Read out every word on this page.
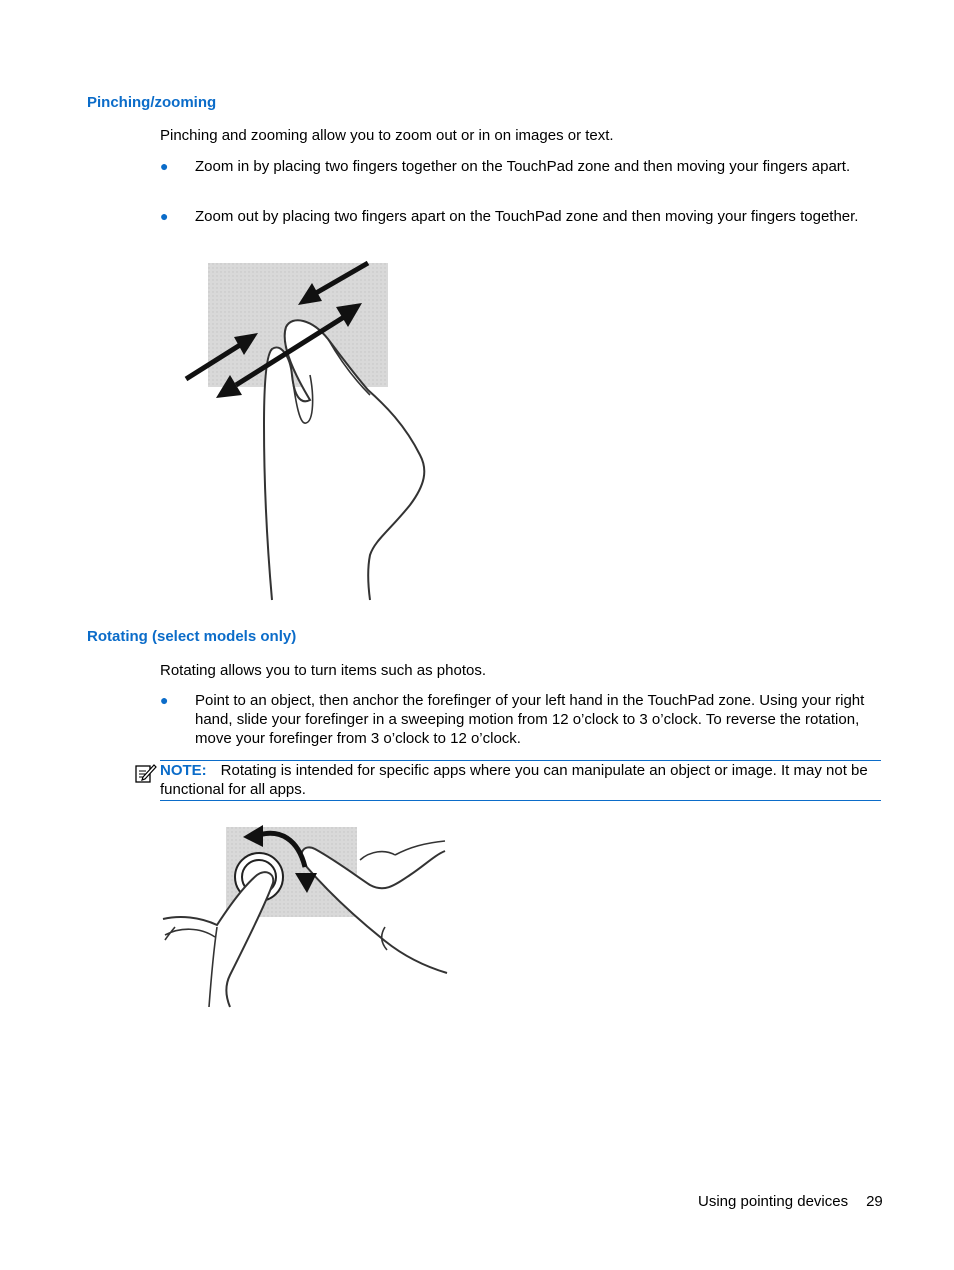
Pinching/zooming

Pinching and zooming allow you to zoom out or in on images or text.

● Zoom in by placing two fingers together on the TouchPad zone and then moving your fingers apart.
● Zoom out by placing two fingers apart on the TouchPad zone and then moving your fingers together.
Rotating (select models only)

Rotating allows you to turn items such as photos.

● Point to an object, then anchor the forefinger of your left hand in the TouchPad zone. Using your right hand, slide your forefinger in a sweeping motion from 12 o’clock to 3 o’clock. To reverse the rotation, move your forefinger from 3 o’clock to 12 o’clock.
NOTE: Rotating is intended for specific apps where you can manipulate an object or image. It may not be functional for all apps.
Using pointing devices 29
